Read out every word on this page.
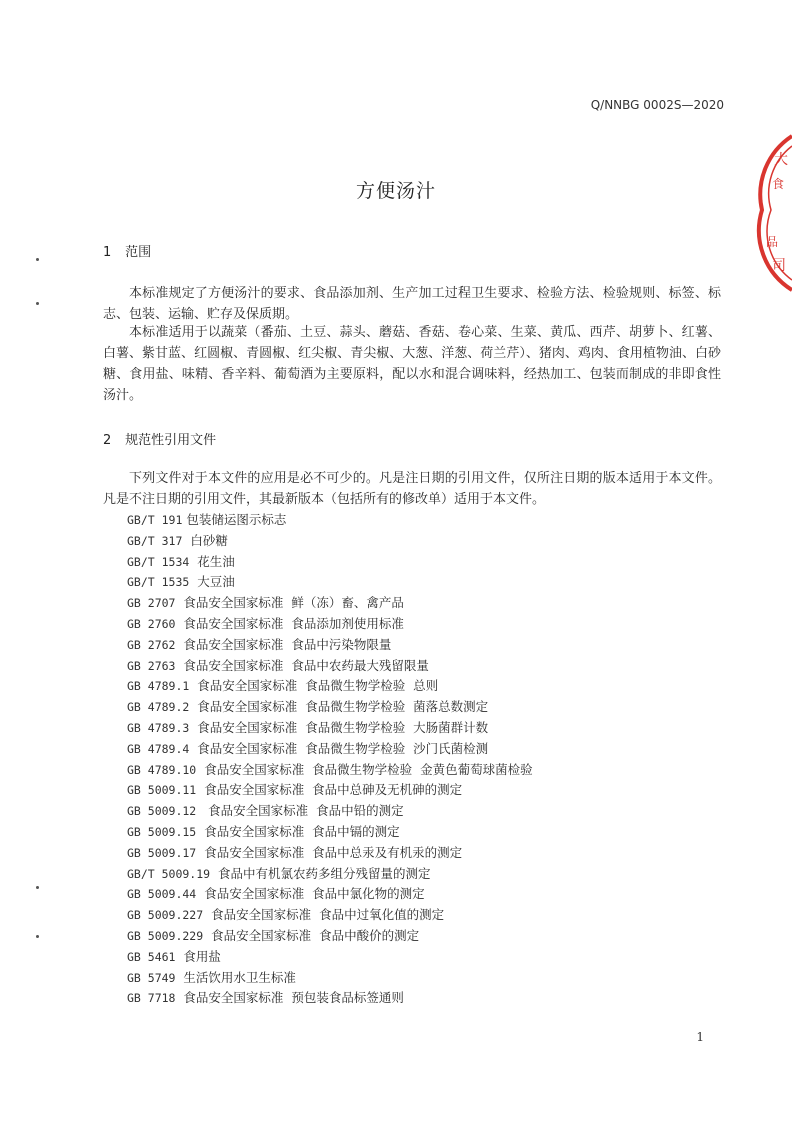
Q/NNBG 0002S—2020
方便汤汁
1 范围

本标准规定了方便汤汁的要求、食品添加剂、生产加工过程卫生要求、检验方法、检验规则、标签、标志、包装、运输、贮存及保质期。

本标准适用于以蔬菜（番茄、土豆、蒜头、蘑菇、香菇、卷心菜、生菜、黄瓜、西芹、胡萝卜、红薯、白薯、紫甘蓝、红圆椒、青圆椒、红尖椒、青尖椒、大葱、洋葱、荷兰芹）、猪肉、鸡肉、食用植物油、白砂糖、食用盐、味精、香辛料、葡萄酒为主要原料，配以水和混合调味料，经热加工、包装而制成的非即食性汤汁。

2 规范性引用文件

下列文件对于本文件的应用是必不可少的。凡是注日期的引用文件，仅所注日期的版本适用于本文件。凡是不注日期的引用文件，其最新版本（包括所有的修改单）适用于本文件。

GB/T 191 包装储运图示标志
GB/T 317  白砂糖
GB/T 1534  花生油
GB/T 1535  大豆油
GB 2707  食品安全国家标准  鲜（冻）畜、禽产品
GB 2760  食品安全国家标准  食品添加剂使用标准
GB 2762  食品安全国家标准  食品中污染物限量
GB 2763  食品安全国家标准  食品中农药最大残留限量
GB 4789.1  食品安全国家标准  食品微生物学检验  总则
GB 4789.2  食品安全国家标准  食品微生物学检验  菌落总数测定
GB 4789.3  食品安全国家标准  食品微生物学检验  大肠菌群计数
GB 4789.4  食品安全国家标准  食品微生物学检验  沙门氏菌检测
GB 4789.10  食品安全国家标准  食品微生物学检验  金黄色葡萄球菌检验
GB 5009.11  食品安全国家标准  食品中总砷及无机砷的测定
GB 5009.12   食品安全国家标准  食品中铅的测定
GB 5009.15  食品安全国家标准  食品中镉的测定
GB 5009.17  食品安全国家标准  食品中总汞及有机汞的测定
GB/T 5009.19  食品中有机氯农药多组分残留量的测定
GB 5009.44  食品安全国家标准  食品中氯化物的测定
GB 5009.227  食品安全国家标准  食品中过氧化值的测定
GB 5009.229  食品安全国家标准  食品中酸价的测定
GB 5461  食用盐
GB 5749  生活饮用水卫生标准
GB 7718  食品安全国家标准  预包装食品标签通则
1
大
食
品
司
